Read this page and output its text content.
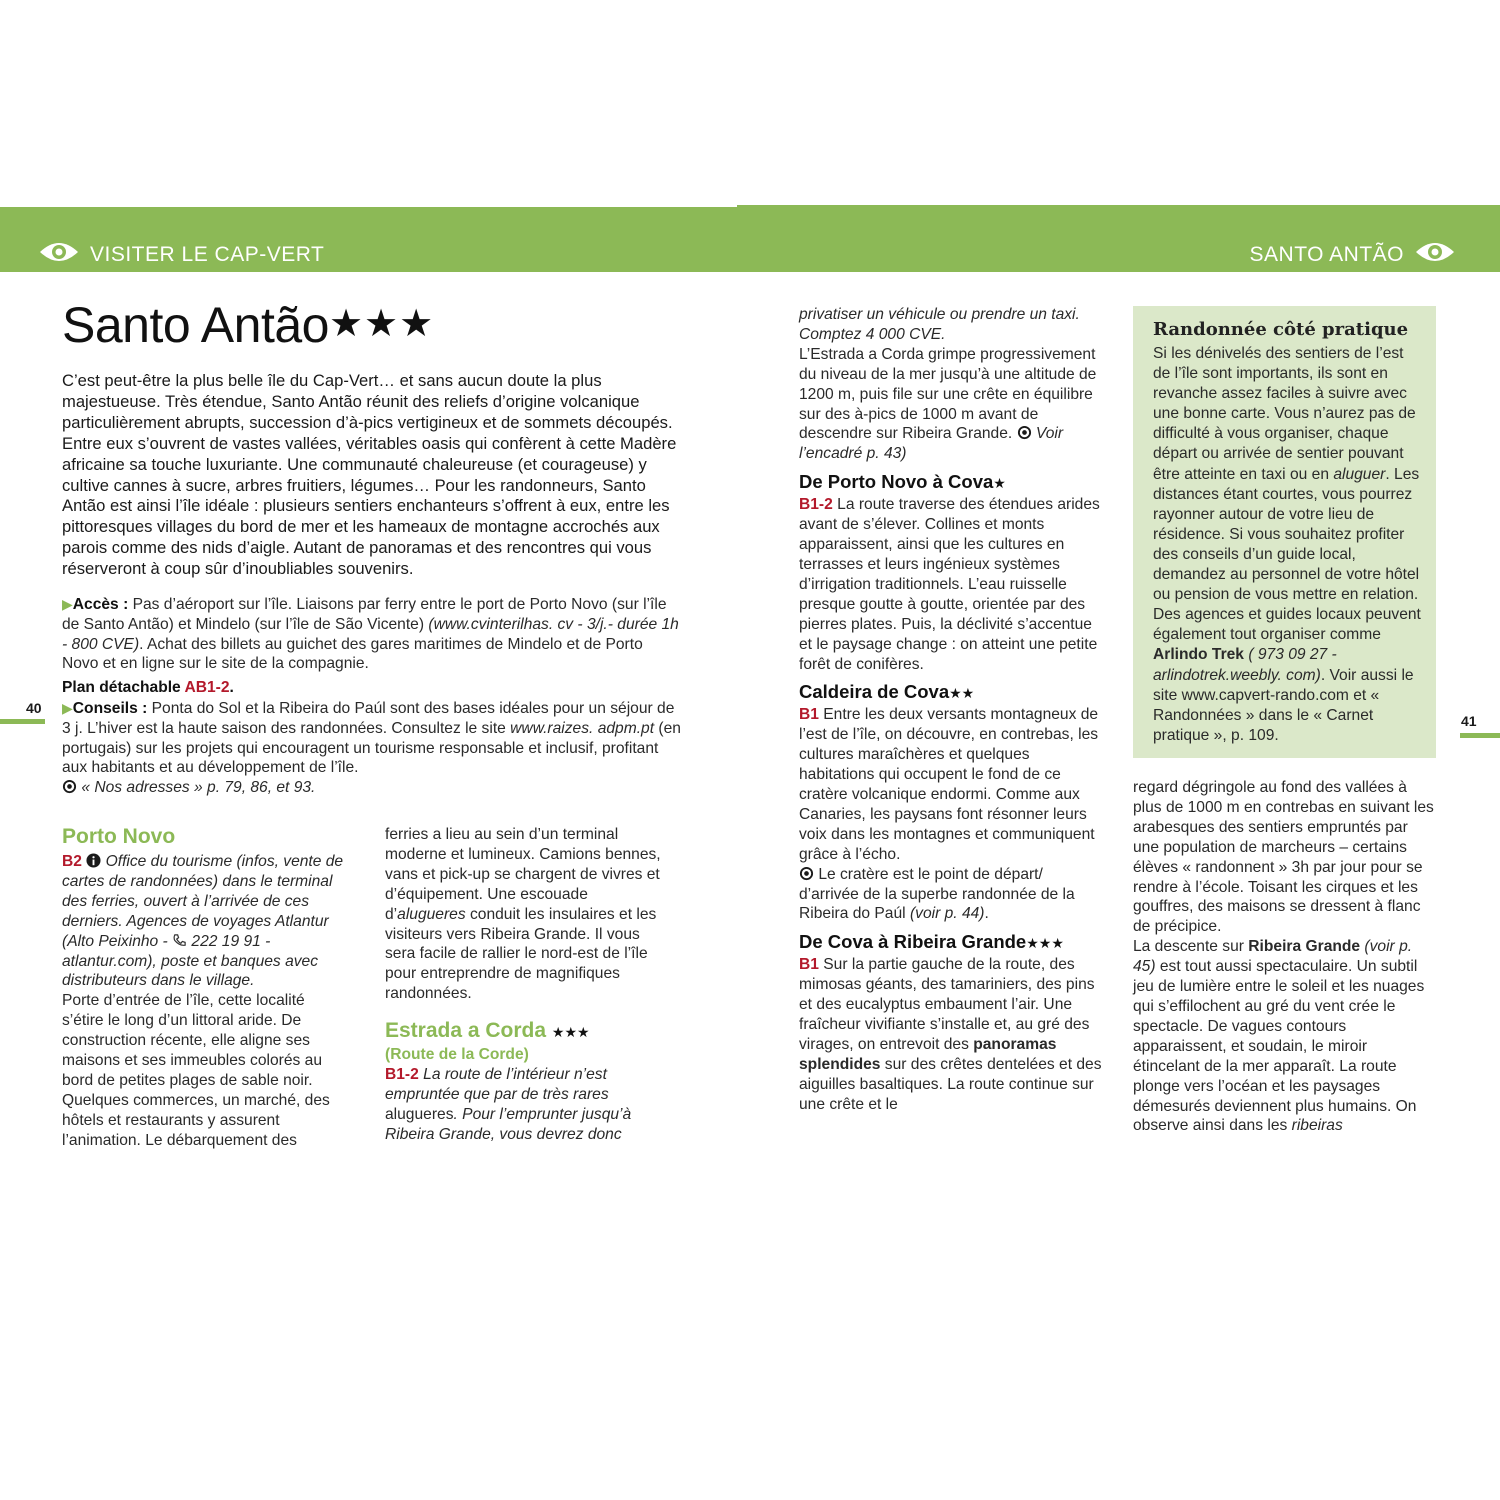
VISITER LE CAP-VERT	SANTO ANTÃO
40
41
Santo Antão★★★
C’est peut-être la plus belle île du Cap-Vert… et sans aucun doute la plus majestueuse. Très étendue, Santo Antão réunit des reliefs d’origine volcanique particulièrement abrupts, succession d’à-pics vertigineux et de sommets découpés. Entre eux s’ouvrent de vastes vallées, véritables oasis qui confèrent à cette Madère africaine sa touche luxuriante. Une communauté chaleureuse (et courageuse) y cultive cannes à sucre, arbres fruitiers, légumes… Pour les randonneurs, Santo Antão est ainsi l’île idéale : plusieurs sentiers enchanteurs s’offrent à eux, entre les pittoresques villages du bord de mer et les hameaux de montagne accrochés aux parois comme des nids d’aigle. Autant de panoramas et des rencontres qui vous réserveront à coup sûr d’inoubliables souvenirs.
▶Accès : Pas d’aéroport sur l’île. Liaisons par ferry entre le port de Porto Novo (sur l’île de Santo Antão) et Mindelo (sur l’île de São Vicente) (www.cvinterilhas. cv - 3/j.- durée 1h - 800 CVE). Achat des billets au guichet des gares maritimes de Mindelo et de Porto Novo et en ligne sur le site de la compagnie.
Plan détachable AB1-2.
▶Conseils : Ponta do Sol et la Ribeira do Paúl sont des bases idéales pour un séjour de 3 j. L’hiver est la haute saison des randonnées. Consultez le site www.raizes. adpm.pt (en portugais) sur les projets qui encouragent un tourisme responsable et inclusif, profitant aux habitants et au développement de l’île.
« Nos adresses » p. 79, 86, et 93.

Porto Novo

B2 Office du tourisme (infos, vente de cartes de randonnées) dans le terminal des ferries, ouvert à l’arrivée de ces derniers. Agences de voyages Atlantur (Alto Peixinho -  222 19 91 - atlantur.com), poste et banques avec distributeurs dans le village.

Porte d’entrée de l’île, cette localité s’étire le long d’un littoral aride. De construction récente, elle aligne ses maisons et ses immeubles colorés au bord de petites plages de sable noir. Quelques commerces, un marché, des hôtels et restaurants y assurent l’animation. Le débarquement des

ferries a lieu au sein d’un terminal moderne et lumineux. Camions bennes, vans et pick-up se chargent de vivres et d’équipement. Une escouade d’alugueres conduit les insulaires et les visiteurs vers Ribeira Grande. Il vous sera facile de rallier le nord-est de l’île pour entreprendre de magnifiques randonnées.

Estrada a Corda ★★★

(Route de la Corde)

B1-2 La route de l’intérieur n’est empruntée que par de très rares alugueres. Pour l’emprunter jusqu’à Ribeira Grande, vous devrez donc

privatiser un véhicule ou prendre un taxi. Comptez 4 000 CVE.

L’Estrada a Corda grimpe progressivement du niveau de la mer jusqu’à une altitude de 1200 m, puis file sur une crête en équilibre sur des à-pics de 1000 m avant de descendre sur Ribeira Grande.  Voir l’encadré p. 43)

De Porto Novo à Cova★

B1-2 La route traverse des étendues arides avant de s’élever. Collines et monts apparaissent, ainsi que les cultures en terrasses et leurs ingénieux systèmes d’irrigation traditionnels. L’eau ruisselle presque goutte à goutte, orientée par des pierres plates. Puis, la déclivité s’accentue et le paysage change : on atteint une petite forêt de conifères.

Caldeira de Cova★★

B1 Entre les deux versants montagneux de l’est de l’île, on découvre, en contrebas, les cultures maraîchères et quelques habitations qui occupent le fond de ce cratère volcanique endormi. Comme aux Canaries, les paysans font résonner leurs voix dans les montagnes et communiquent grâce à l’écho.

Le cratère est le point de départ/ d’arrivée de la superbe randonnée de la Ribeira do Paúl (voir p. 44).

De Cova à Ribeira Grande★★★

B1 Sur la partie gauche de la route, des mimosas géants, des tamariniers, des pins et des eucalyptus embaument l’air. Une fraîcheur vivifiante s’installe et, au gré des virages, on entrevoit des panoramas splendides sur des crêtes dentelées et des aiguilles basaltiques. La route continue sur une crête et le

Randonnée côté pratique

Si les dénivelés des sentiers de l’est de l’île sont importants, ils sont en revanche assez faciles à suivre avec une bonne carte. Vous n’aurez pas de difficulté à vous organiser, chaque départ ou arrivée de sentier pouvant être atteinte en taxi ou en aluguer. Les distances étant courtes, vous pourrez rayonner autour de votre lieu de résidence. Si vous souhaitez profiter des conseils d’un guide local, demandez au personnel de votre hôtel ou pension de vous mettre en relation. Des agences et guides locaux peuvent également tout organiser comme Arlindo Trek ( 973 09 27 - arlindotrek.weebly. com). Voir aussi le site www.capvert-rando.com et « Randonnées » dans le « Carnet pratique », p. 109.

regard dégringole au fond des vallées à plus de 1000 m en contrebas en suivant les arabesques des sentiers empruntés par une population de marcheurs – certains élèves « randonnent » 3h par jour pour se rendre à l’école. Toisant les cirques et les gouffres, des maisons se dressent à flanc de précipice.

La descente sur Ribeira Grande (voir p. 45) est tout aussi spectaculaire. Un subtil jeu de lumière entre le soleil et les nuages qui s’effilochent au gré du vent crée le spectacle. De vagues contours apparaissent, et soudain, le miroir étincelant de la mer apparaît. La route plonge vers l’océan et les paysages démesurés deviennent plus humains. On observe ainsi dans les ribeiras
